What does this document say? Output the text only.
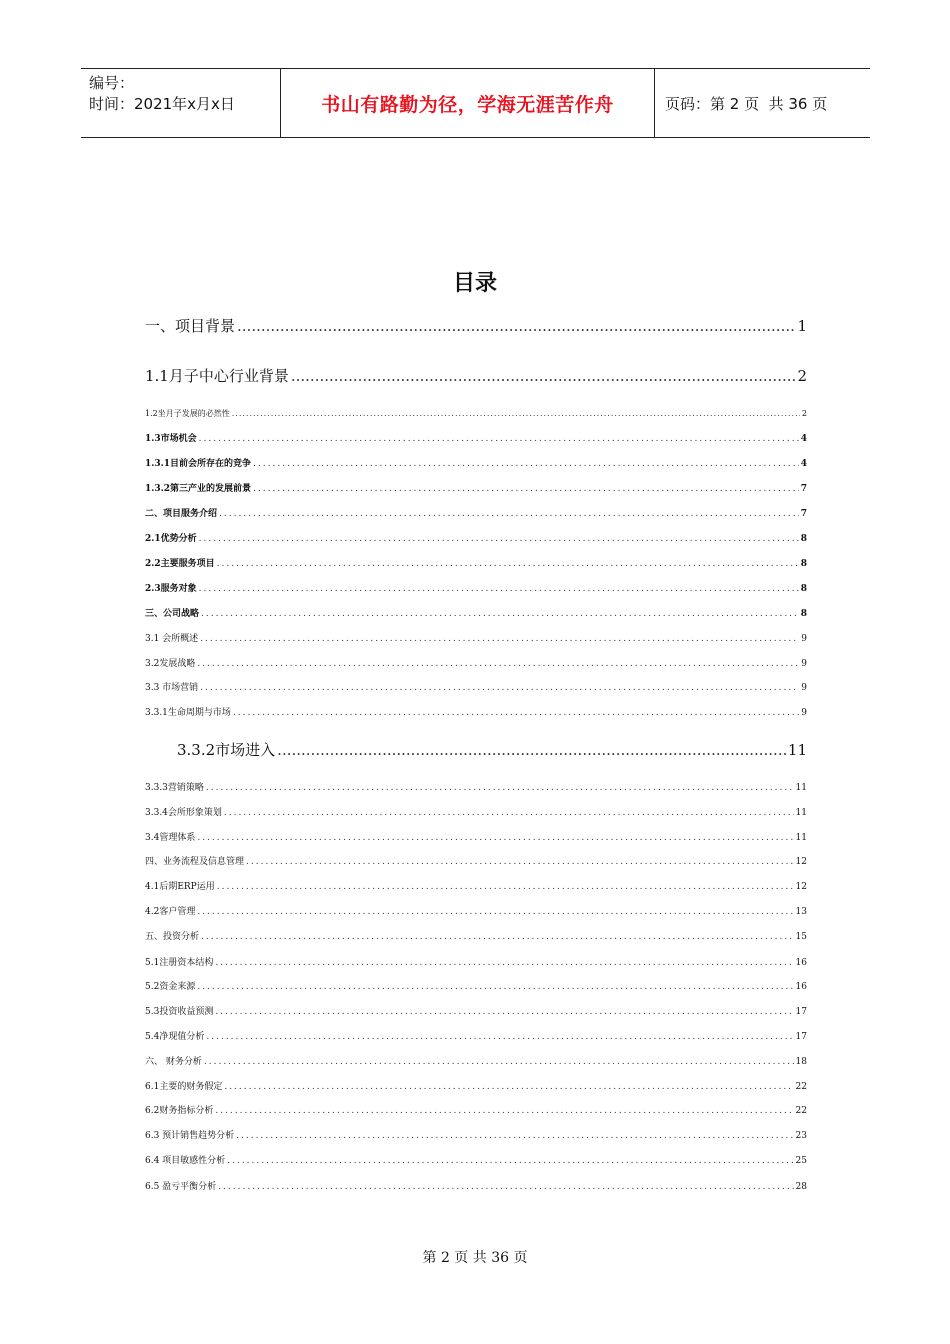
编号：
时间：2021年x月x日	书山有路勤为径，学海无涯苦作舟	页码：第 2 页  共 36 页
目录
一、项目背景 .....	1
1.1月子中心行业背景 .....	2
1.2坐月子发展的必然性 .....	2
1.3市场机会 .....	4
1.3.1目前会所存在的竞争 .....	4
1.3.2第三产业的发展前景 .....	7
二、项目服务介绍 .....	7
2.1优势分析 .....	8
2.2主要服务项目 .....	8
2.3服务对象 .....	8
三、公司战略 .....	8
3.1 会所概述 .....	9
3.2发展战略 .....	9
3.3 市场营销 .....	9
3.3.1生命周期与市场 .....	9
3.3.2市场进入 .....	11
3.3.3营销策略 .....	11
3.3.4会所形象策划 .....	11
3.4管理体系 .....	11
四、业务流程及信息管理 .....	12
4.1后期ERP运用 .....	12
4.2客户管理 .....	13
五、投资分析 .....	15
5.1注册资本结构 .....	16
5.2资金来源 .....	16
5.3投资收益预测 .....	17
5.4净现值分析 .....	17
六、 财务分析 .....	18
6.1主要的财务假定 .....	22
6.2财务指标分析 .....	22
6.3 预计销售趋势分析 .....	23
6.4 项目敏感性分析 .....	25
6.5 盈亏平衡分析 .....	28
第 2 页 共 36 页
